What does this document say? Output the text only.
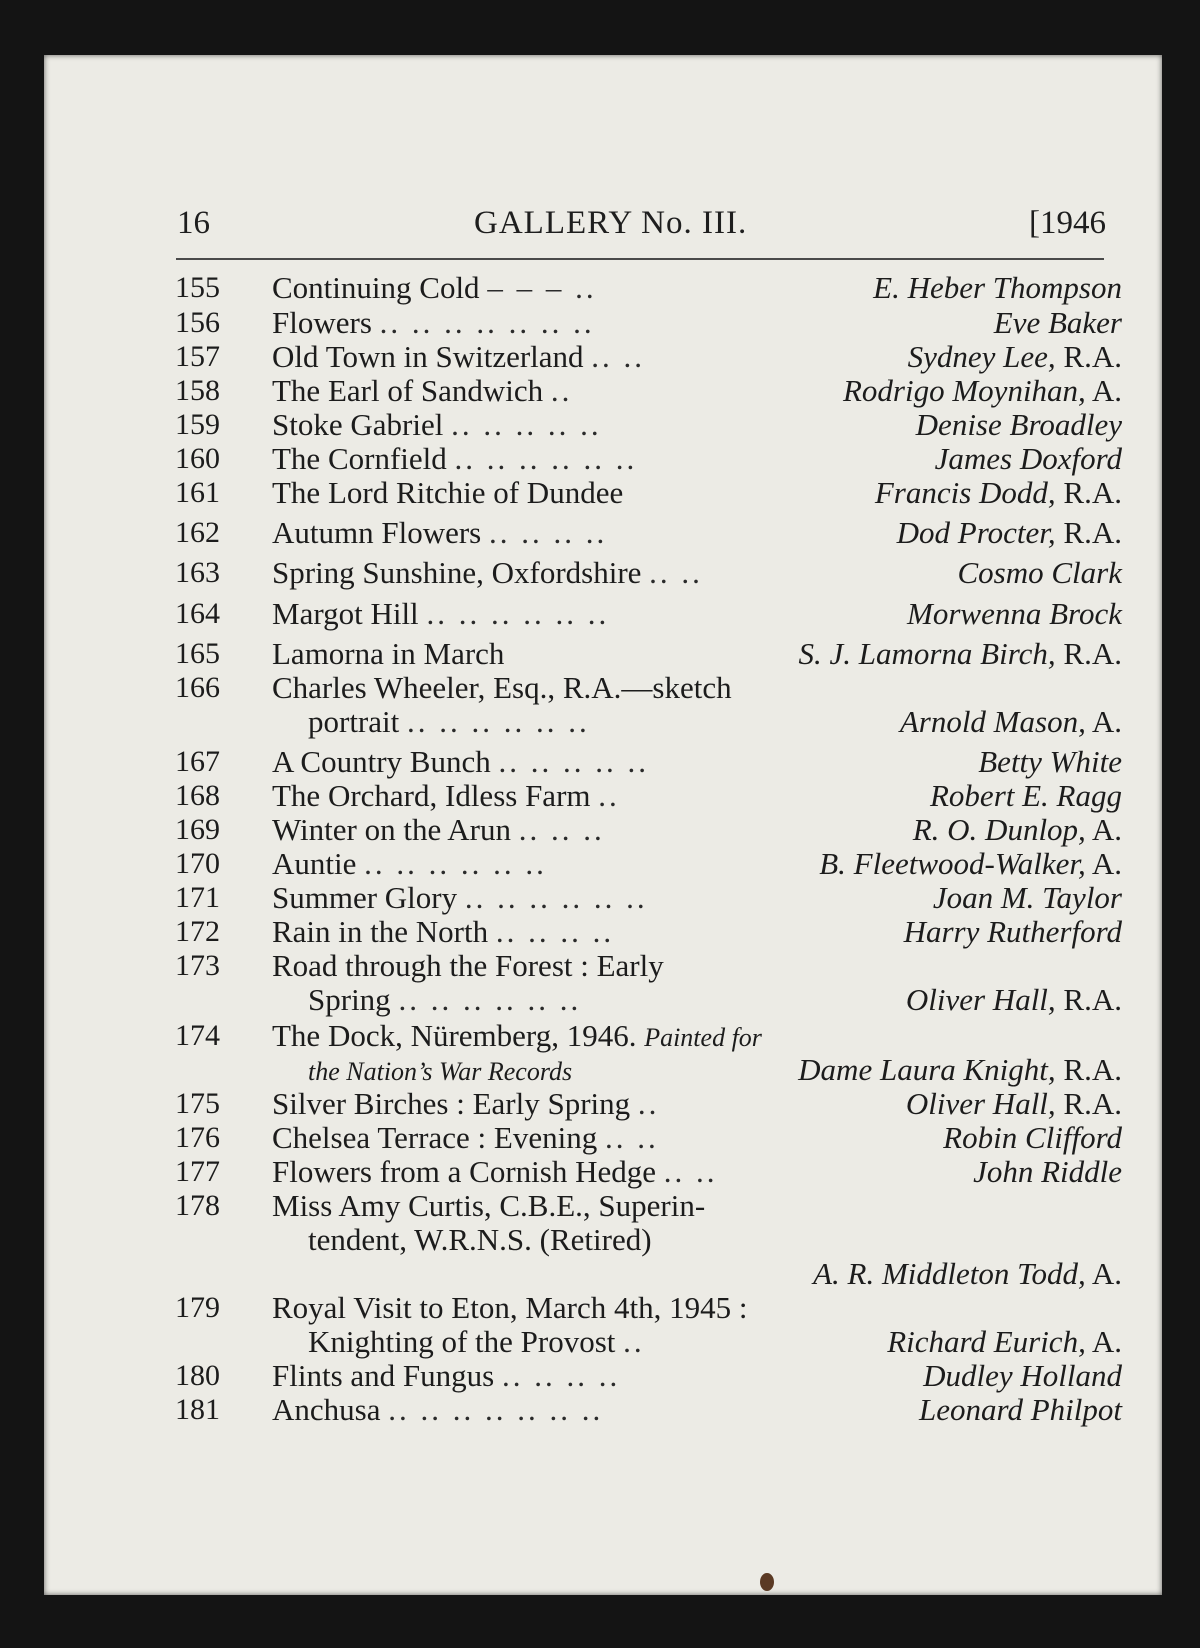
16	GALLERY No. III.	[1946
155 Continuing Cold ‒ ‒ ‒ ..	E. Heber Thompson
156 Flowers .. .. .. .. .. .. ..	Eve Baker
157 Old Town in Switzerland .. ..	Sydney Lee, R.A.
158 The Earl of Sandwich ..	Rodrigo Moynihan, A.
159 Stoke Gabriel .. .. .. .. ..	Denise Broadley
160 The Cornfield .. .. .. .. .. ..	James Doxford
161 The Lord Ritchie of Dundee	Francis Dodd, R.A.
162 Autumn Flowers .. .. .. ..	Dod Procter, R.A.
163 Spring Sunshine, Oxfordshire .. ..	Cosmo Clark
164 Margot Hill .. .. .. .. .. ..	Morwenna Brock
165 Lamorna in March	S. J. Lamorna Birch, R.A.
166 Charles Wheeler, Esq., R.A.—sketch
portrait .. .. .. .. .. ..	Arnold Mason, A.
167 A Country Bunch .. .. .. .. ..	Betty White
168 The Orchard, Idless Farm ..	Robert E. Ragg
169 Winter on the Arun .. .. ..	R. O. Dunlop, A.
170 Auntie .. .. .. .. .. ..	B. Fleetwood-Walker, A.
171 Summer Glory .. .. .. .. .. ..	Joan M. Taylor
172 Rain in the North .. .. .. ..	Harry Rutherford
173 Road through the Forest : Early
Spring .. .. .. .. .. ..	Oliver Hall, R.A.
174 The Dock, Nüremberg, 1946. Painted for
the Nation’s War Records	Dame Laura Knight, R.A.
175 Silver Birches : Early Spring ..	Oliver Hall, R.A.
176 Chelsea Terrace : Evening .. ..	Robin Clifford
177 Flowers from a Cornish Hedge .. ..	John Riddle
178 Miss Amy Curtis, C.B.E., Superin-
tendent, W.R.N.S. (Retired)
A. R. Middleton Todd, A.
179 Royal Visit to Eton, March 4th, 1945 :
Knighting of the Provost ..	Richard Eurich, A.
180 Flints and Fungus .. .. .. ..	Dudley Holland
181 Anchusa .. .. .. .. .. .. ..	Leonard Philpot
